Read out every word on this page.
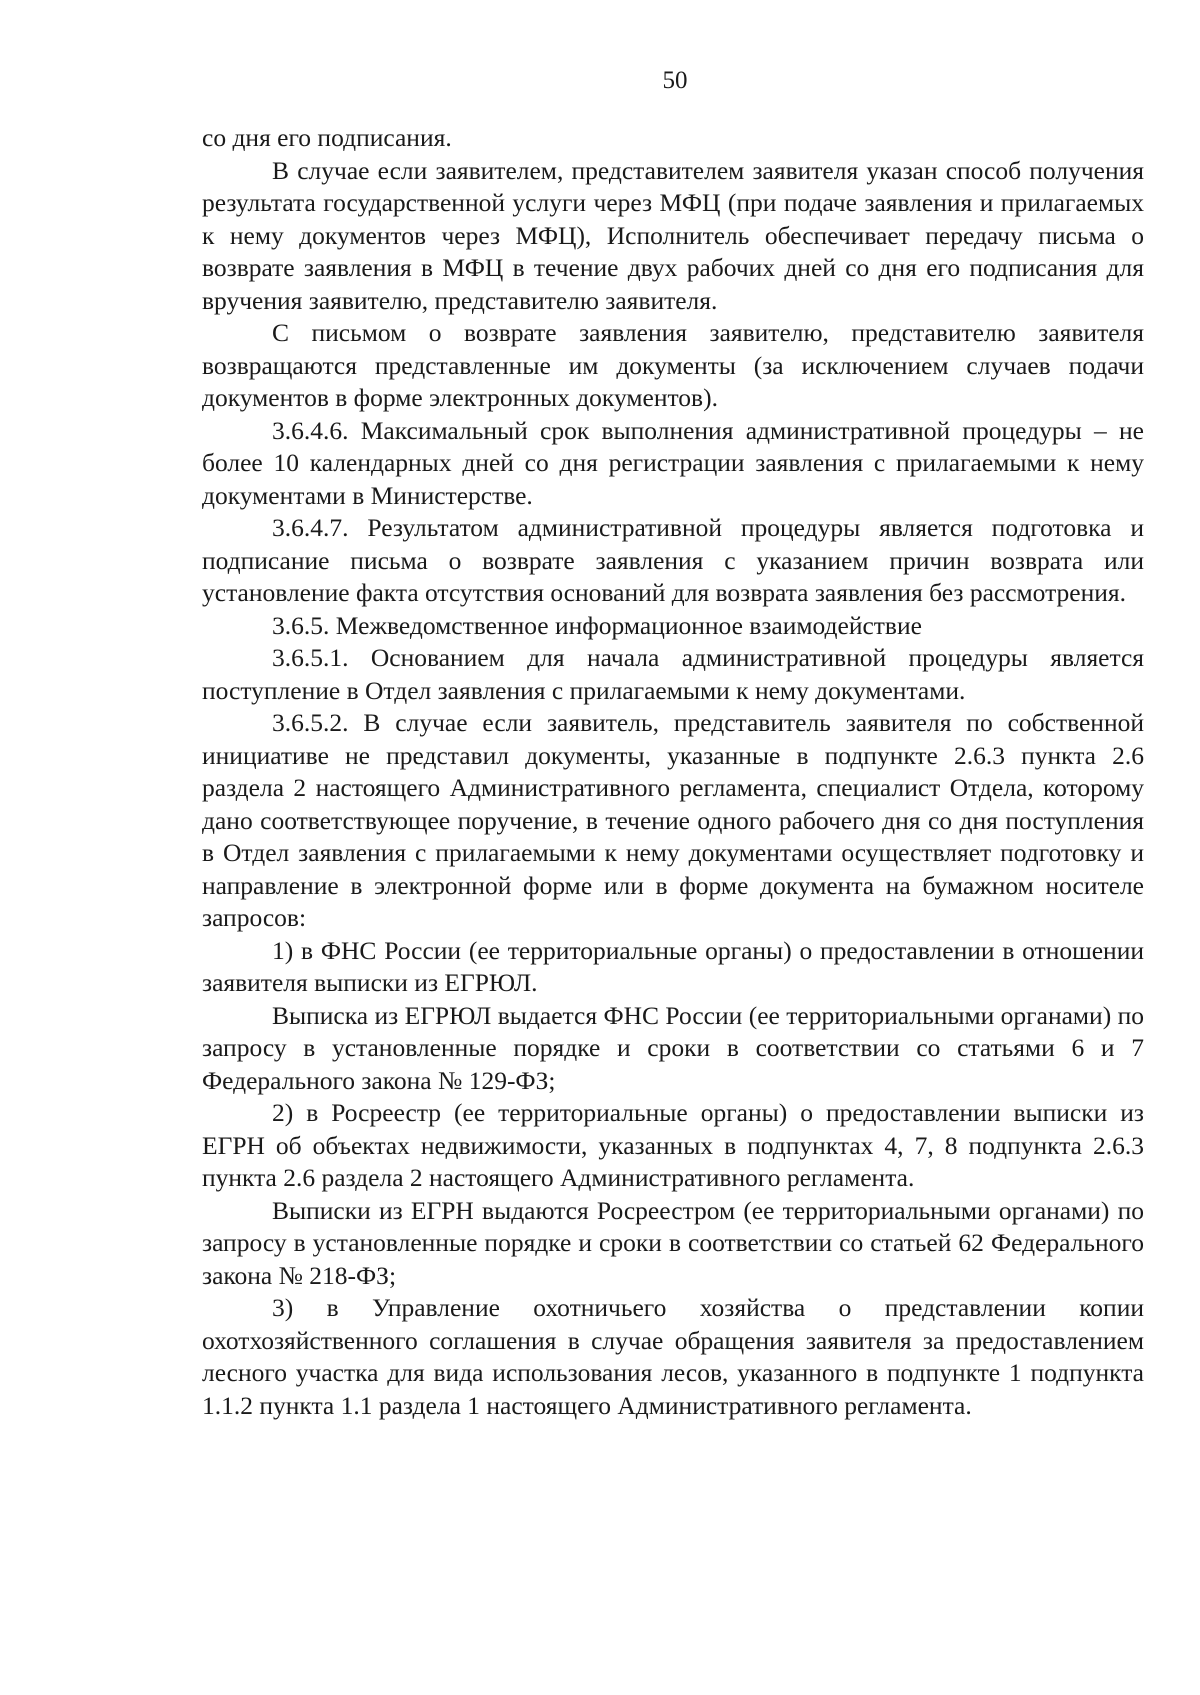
50

со дня его подписания.

В случае если заявителем, представителем заявителя указан способ получения результата государственной услуги через МФЦ (при подаче заявления и прилагаемых к нему документов через МФЦ), Исполнитель обеспечивает передачу письма о возврате заявления в МФЦ в течение двух рабочих дней со дня его подписания для вручения заявителю, представителю заявителя.

С письмом о возврате заявления заявителю, представителю заявителя возвращаются представленные им документы (за исключением случаев подачи документов в форме электронных документов).

3.6.4.6. Максимальный срок выполнения административной процедуры – не более 10 календарных дней со дня регистрации заявления с прилагаемыми к нему документами в Министерстве.

3.6.4.7. Результатом административной процедуры является подготовка и подписание письма о возврате заявления с указанием причин возврата или установление факта отсутствия оснований для возврата заявления без рассмотрения.

3.6.5. Межведомственное информационное взаимодействие

3.6.5.1. Основанием для начала административной процедуры является поступление в Отдел заявления с прилагаемыми к нему документами.

3.6.5.2. В случае если заявитель, представитель заявителя по собственной инициативе не представил документы, указанные в подпункте 2.6.3 пункта 2.6 раздела 2 настоящего Административного регламента, специалист Отдела, которому дано соответствующее поручение, в течение одного рабочего дня со дня поступления в Отдел заявления с прилагаемыми к нему документами осуществляет подготовку и направление в электронной форме или в форме документа на бумажном носителе запросов:

1) в ФНС России (ее территориальные органы) о предоставлении в отношении заявителя выписки из ЕГРЮЛ.

Выписка из ЕГРЮЛ выдается ФНС России (ее территориальными органами) по запросу в установленные порядке и сроки в соответствии со статьями 6 и 7 Федерального закона № 129-ФЗ;

2) в Росреестр (ее территориальные органы) о предоставлении выписки из ЕГРН об объектах недвижимости, указанных в подпунктах 4, 7, 8 подпункта 2.6.3 пункта 2.6 раздела 2 настоящего Административного регламента.

Выписки из ЕГРН выдаются Росреестром (ее территориальными органами) по запросу в установленные порядке и сроки в соответствии со статьей 62 Федерального закона № 218-ФЗ;

3) в Управление охотничьего хозяйства о представлении копии охотхозяйственного соглашения в случае обращения заявителя за предоставлением лесного участка для вида использования лесов, указанного в подпункте 1 подпункта 1.1.2 пункта 1.1 раздела 1 настоящего Административного регламента.
